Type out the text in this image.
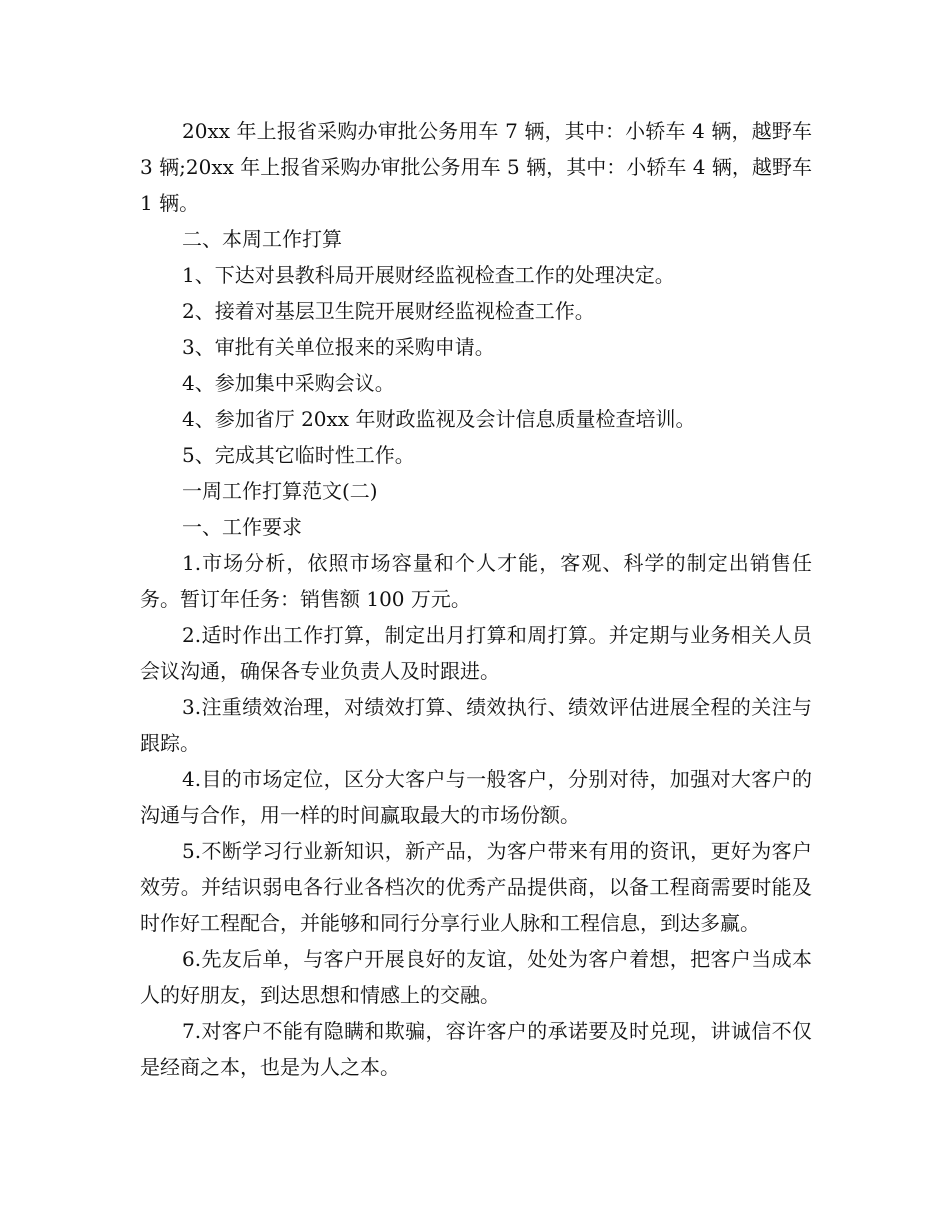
20xx 年上报省采购办审批公务用车 7 辆，其中：小轿车 4 辆，越野车 3 辆;20xx 年上报省采购办审批公务用车 5 辆，其中：小轿车 4 辆，越野车 1 辆。

二、本周工作打算

1、下达对县教科局开展财经监视检查工作的处理决定。

2、接着对基层卫生院开展财经监视检查工作。

3、审批有关单位报来的采购申请。

4、参加集中采购会议。

4、参加省厅 20xx 年财政监视及会计信息质量检查培训。

5、完成其它临时性工作。

一周工作打算范文(二)

一、工作要求

1.市场分析，依照市场容量和个人才能，客观、科学的制定出销售任务。暂订年任务：销售额 100 万元。

2.适时作出工作打算，制定出月打算和周打算。并定期与业务相关人员会议沟通，确保各专业负责人及时跟进。

3.注重绩效治理，对绩效打算、绩效执行、绩效评估进展全程的关注与跟踪。

4.目的市场定位，区分大客户与一般客户，分别对待，加强对大客户的沟通与合作，用一样的时间赢取最大的市场份额。

5.不断学习行业新知识，新产品，为客户带来有用的资讯，更好为客户效劳。并结识弱电各行业各档次的优秀产品提供商，以备工程商需要时能及时作好工程配合，并能够和同行分享行业人脉和工程信息，到达多赢。

6.先友后单，与客户开展良好的友谊，处处为客户着想，把客户当成本人的好朋友，到达思想和情感上的交融。

7.对客户不能有隐瞒和欺骗，容许客户的承诺要及时兑现，讲诚信不仅是经商之本，也是为人之本。
